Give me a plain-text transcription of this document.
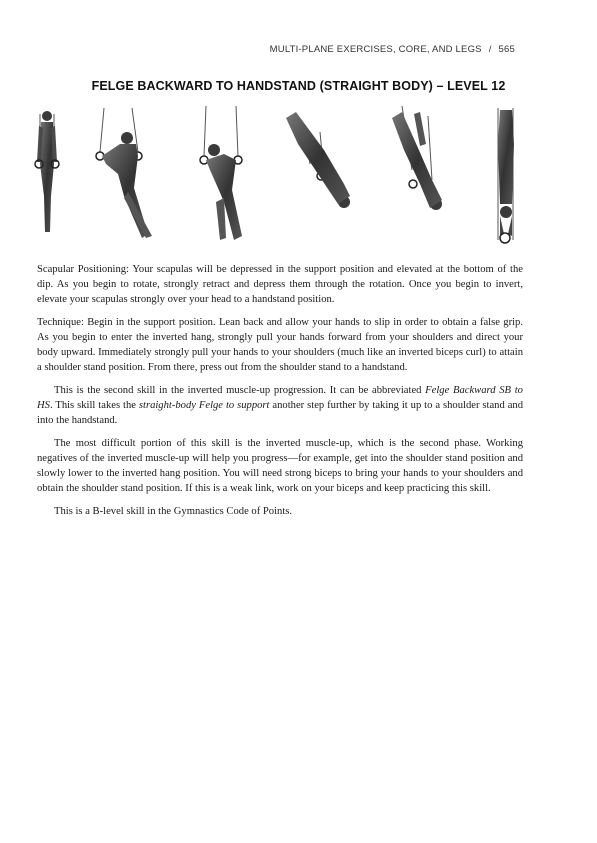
MULTI-PLANE EXERCISES, CORE, AND LEGS / 565
FELGE BACKWARD TO HANDSTAND (STRAIGHT BODY) – LEVEL 12

Scapular Positioning: Your scapulas will be depressed in the support position and elevated at the bottom of the dip. As you begin to rotate, strongly retract and depress them through the rotation. Once you begin to invert, elevate your scapulas strongly over your head to a handstand position.

Technique: Begin in the support position. Lean back and allow your hands to slip in order to obtain a false grip. As you begin to enter the inverted hang, strongly pull your hands forward from your shoulders and direct your body upward. Immediately strongly pull your hands to your shoulders (much like an inverted biceps curl) to attain a shoulder stand position. From there, press out from the shoulder stand to a handstand.

This is the second skill in the inverted muscle-up progression. It can be abbreviated Felge Backward SB to HS. This skill takes the straight-body Felge to support another step further by taking it up to a shoulder stand and into the handstand.

The most difficult portion of this skill is the inverted muscle-up, which is the second phase. Working negatives of the inverted muscle-up will help you progress—for example, get into the shoulder stand position and slowly lower to the inverted hang position. You will need strong biceps to bring your hands to your shoulders and obtain the shoulder stand position. If this is a weak link, work on your biceps and keep practicing this skill.

This is a B-level skill in the Gymnastics Code of Points.
